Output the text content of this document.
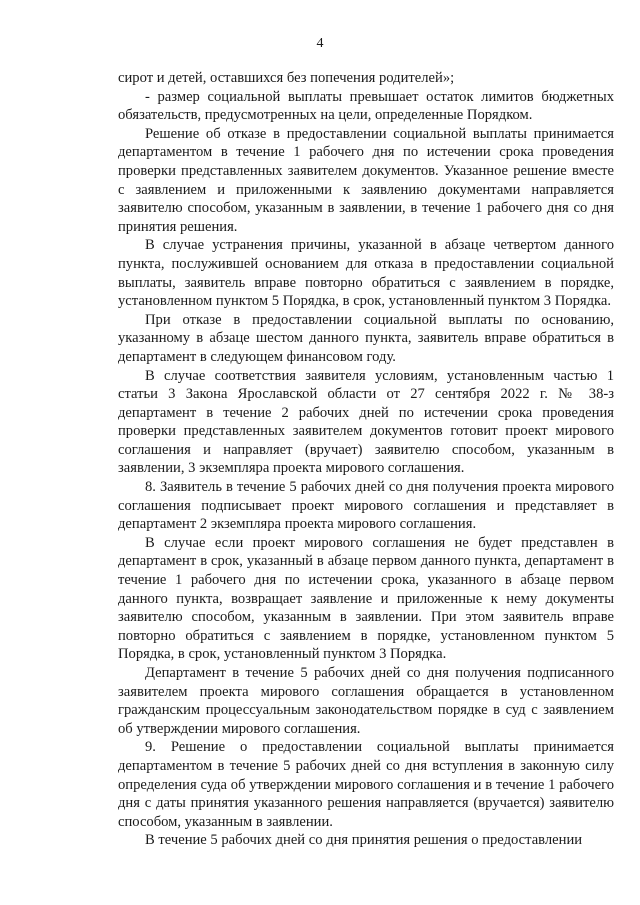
4

сирот и детей, оставшихся без попечения родителей»;

- размер социальной выплаты превышает остаток лимитов бюджетных обязательств, предусмотренных на цели, определенные Порядком.

Решение об отказе в предоставлении социальной выплаты принимается департаментом в течение 1 рабочего дня по истечении срока проведения проверки представленных заявителем документов. Указанное решение вместе с заявлением и приложенными к заявлению документами направляется заявителю способом, указанным в заявлении, в течение 1 рабочего дня со дня принятия решения.

В случае устранения причины, указанной в абзаце четвертом данного пункта, послужившей основанием для отказа в предоставлении социальной выплаты, заявитель вправе повторно обратиться с заявлением в порядке, установленном пунктом 5 Порядка, в срок, установленный пунктом 3 Порядка.

При отказе в предоставлении социальной выплаты по основанию, указанному в абзаце шестом данного пункта, заявитель вправе обратиться в департамент в следующем финансовом году.

В случае соответствия заявителя условиям, установленным частью 1 статьи 3 Закона Ярославской области от 27 сентября 2022 г. № 38-з департамент в течение 2 рабочих дней по истечении срока проведения проверки представленных заявителем документов готовит проект мирового соглашения и направляет (вручает) заявителю способом, указанным в заявлении, 3 экземпляра проекта мирового соглашения.

8. Заявитель в течение 5 рабочих дней со дня получения проекта мирового соглашения подписывает проект мирового соглашения и представляет в департамент 2 экземпляра проекта мирового соглашения.

В случае если проект мирового соглашения не будет представлен в департамент в срок, указанный в абзаце первом данного пункта, департамент в течение 1 рабочего дня по истечении срока, указанного в абзаце первом данного пункта, возвращает заявление и приложенные к нему документы заявителю способом, указанным в заявлении. При этом заявитель вправе повторно обратиться с заявлением в порядке, установленном пунктом 5 Порядка, в срок, установленный пунктом 3 Порядка.

Департамент в течение 5 рабочих дней со дня получения подписанного заявителем проекта мирового соглашения обращается в установленном гражданским процессуальным законодательством порядке в суд с заявлением об утверждении мирового соглашения.

9. Решение о предоставлении социальной выплаты принимается департаментом в течение 5 рабочих дней со дня вступления в законную силу определения суда об утверждении мирового соглашения и в течение 1 рабочего дня с даты принятия указанного решения направляется (вручается) заявителю способом, указанным в заявлении.

В течение 5 рабочих дней со дня принятия решения о предоставлении
